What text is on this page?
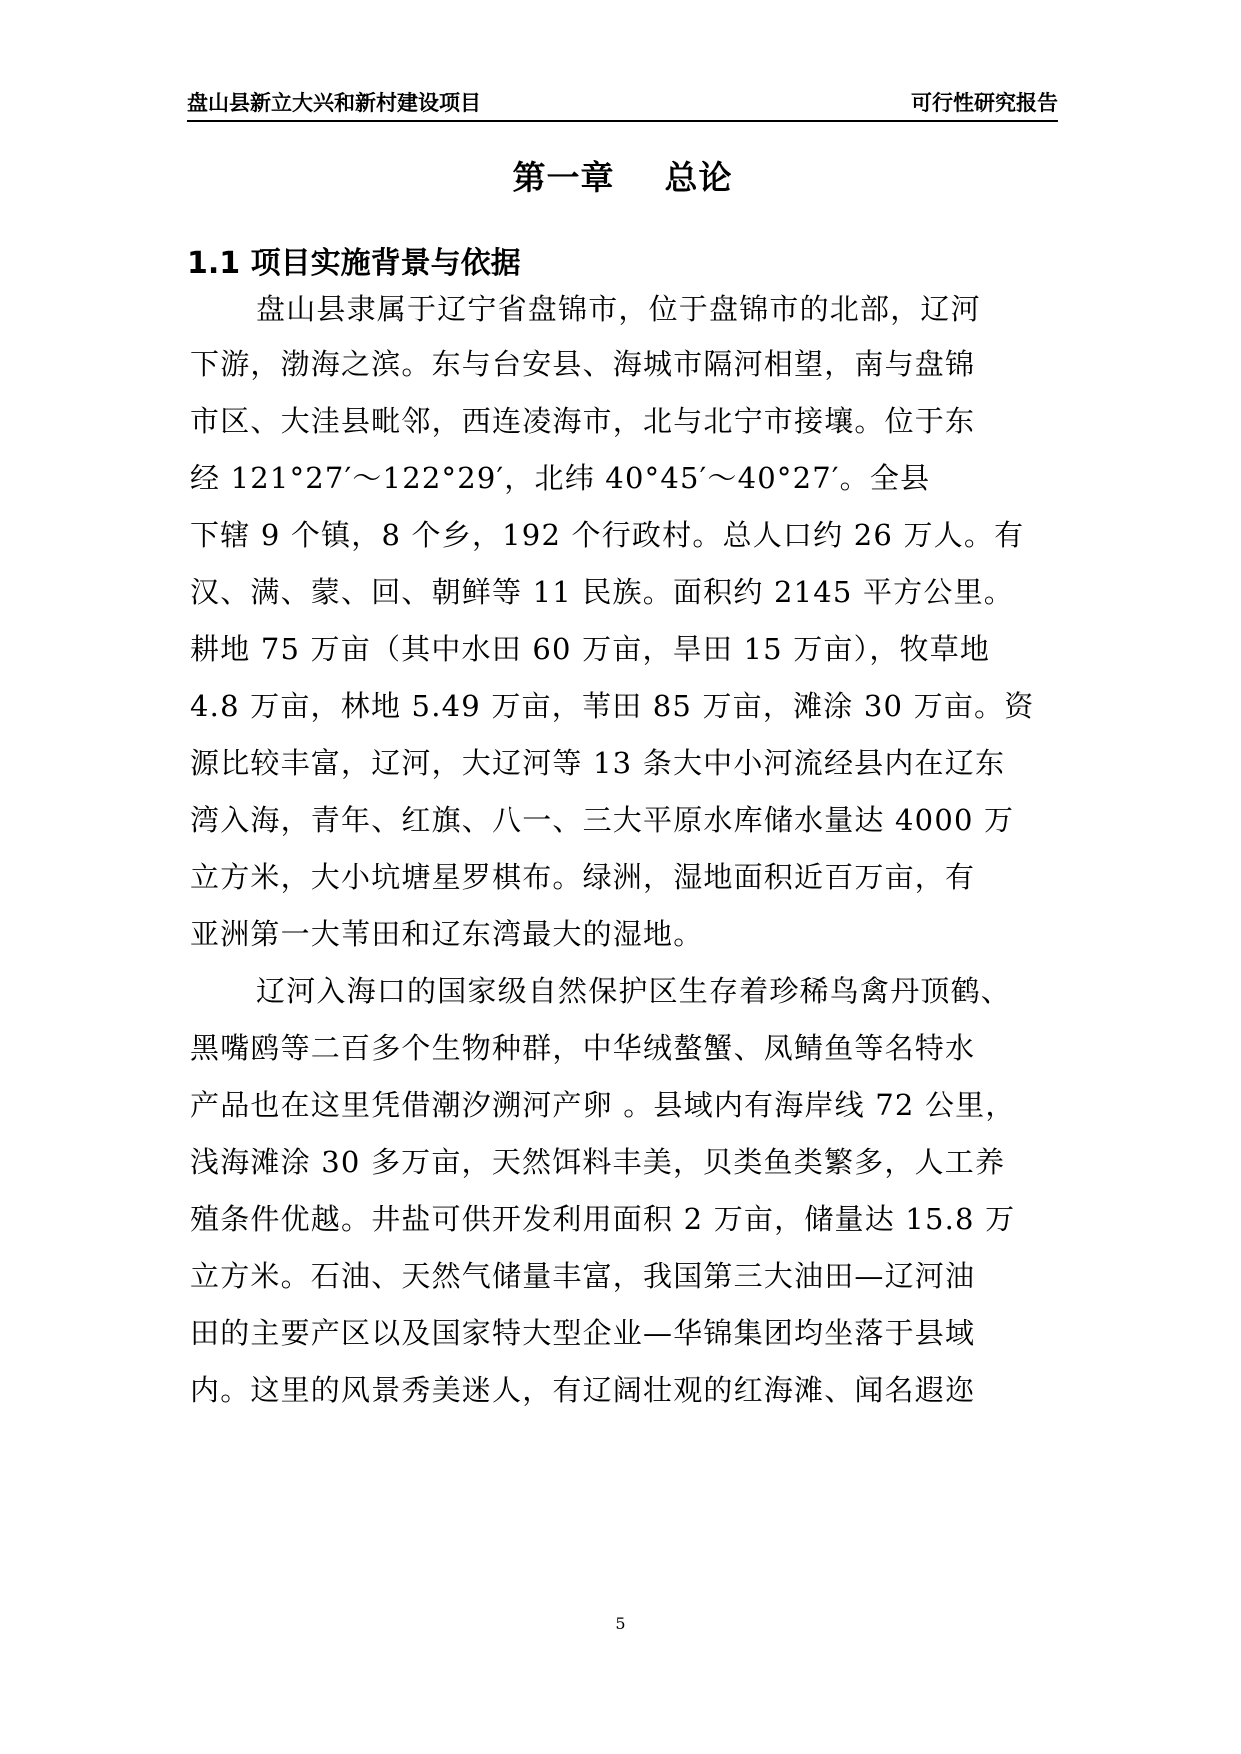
盘山县新立大兴和新村建设项目	可行性研究报告
第一章    总论
1.1 项目实施背景与依据
盘山县隶属于辽宁省盘锦市，位于盘锦市的北部，辽河
下游，渤海之滨。东与台安县、海城市隔河相望，南与盘锦
市区、大洼县毗邻，西连凌海市，北与北宁市接壤。位于东
经 121°27′～122°29′，北纬 40°45′～40°27′。全县
下辖 9 个镇，8 个乡，192 个行政村。总人口约 26 万人。有
汉、满、蒙、回、朝鲜等 11 民族。面积约 2145 平方公里。
耕地 75 万亩（其中水田 60 万亩，旱田 15 万亩），牧草地
4.8 万亩，林地 5.49 万亩，苇田 85 万亩，滩涂 30 万亩。资
源比较丰富，辽河，大辽河等 13 条大中小河流经县内在辽东
湾入海，青年、红旗、八一、三大平原水库储水量达 4000 万
立方米，大小坑塘星罗棋布。绿洲，湿地面积近百万亩，有
亚洲第一大苇田和辽东湾最大的湿地。
辽河入海口的国家级自然保护区生存着珍稀鸟禽丹顶鹤、
黑嘴鸥等二百多个生物种群，中华绒螯蟹、凤鲭鱼等名特水
产品也在这里凭借潮汐溯河产卵 。县域内有海岸线 72 公里，
浅海滩涂 30 多万亩，天然饵料丰美，贝类鱼类繁多，人工养
殖条件优越。井盐可供开发利用面积 2 万亩，储量达 15.8 万
立方米。石油、天然气储量丰富，我国第三大油田—辽河油
田的主要产区以及国家特大型企业—华锦集团均坐落于县域
内。这里的风景秀美迷人，有辽阔壮观的红海滩、闻名遐迩
5
